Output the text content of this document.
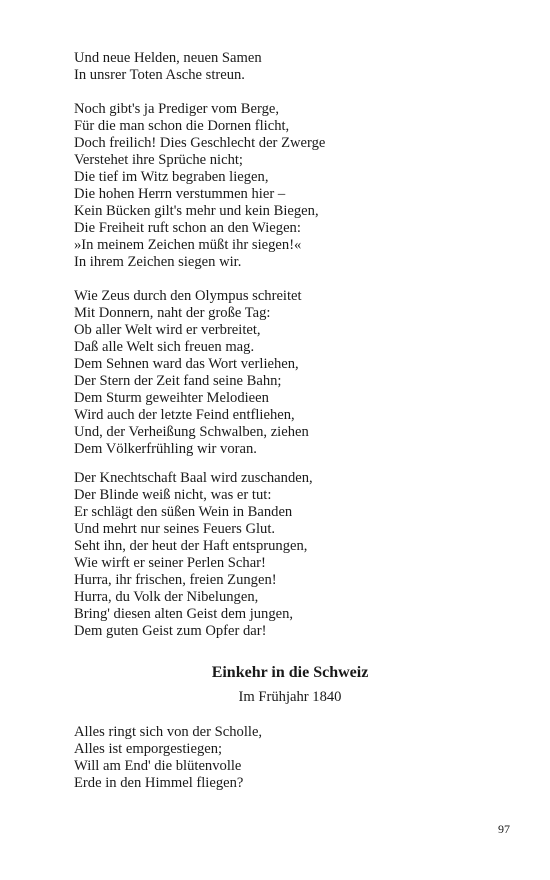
Und neue Helden, neuen Samen
In unsrer Toten Asche streun.
Noch gibt's ja Prediger vom Berge,
Für die man schon die Dornen flicht,
Doch freilich! Dies Geschlecht der Zwerge
Verstehet ihre Sprüche nicht;
Die tief im Witz begraben liegen,
Die hohen Herrn verstummen hier –
Kein Bücken gilt's mehr und kein Biegen,
Die Freiheit ruft schon an den Wiegen:
»In meinem Zeichen müßt ihr siegen!«
In ihrem Zeichen siegen wir.
Wie Zeus durch den Olympus schreitet
Mit Donnern, naht der große Tag:
Ob aller Welt wird er verbreitet,
Daß alle Welt sich freuen mag.
Dem Sehnen ward das Wort verliehen,
Der Stern der Zeit fand seine Bahn;
Dem Sturm geweihter Melodieen
Wird auch der letzte Feind entfliehen,
Und, der Verheißung Schwalben, ziehen
Dem Völkerfrühling wir voran.
Der Knechtschaft Baal wird zuschanden,
Der Blinde weiß nicht, was er tut:
Er schlägt den süßen Wein in Banden
Und mehrt nur seines Feuers Glut.
Seht ihn, der heut der Haft entsprungen,
Wie wirft er seiner Perlen Schar!
Hurra, ihr frischen, freien Zungen!
Hurra, du Volk der Nibelungen,
Bring' diesen alten Geist dem jungen,
Dem guten Geist zum Opfer dar!
Einkehr in die Schweiz
Im Frühjahr 1840
Alles ringt sich von der Scholle,
Alles ist emporgestiegen;
Will am End' die blütenvolle
Erde in den Himmel fliegen?
97
